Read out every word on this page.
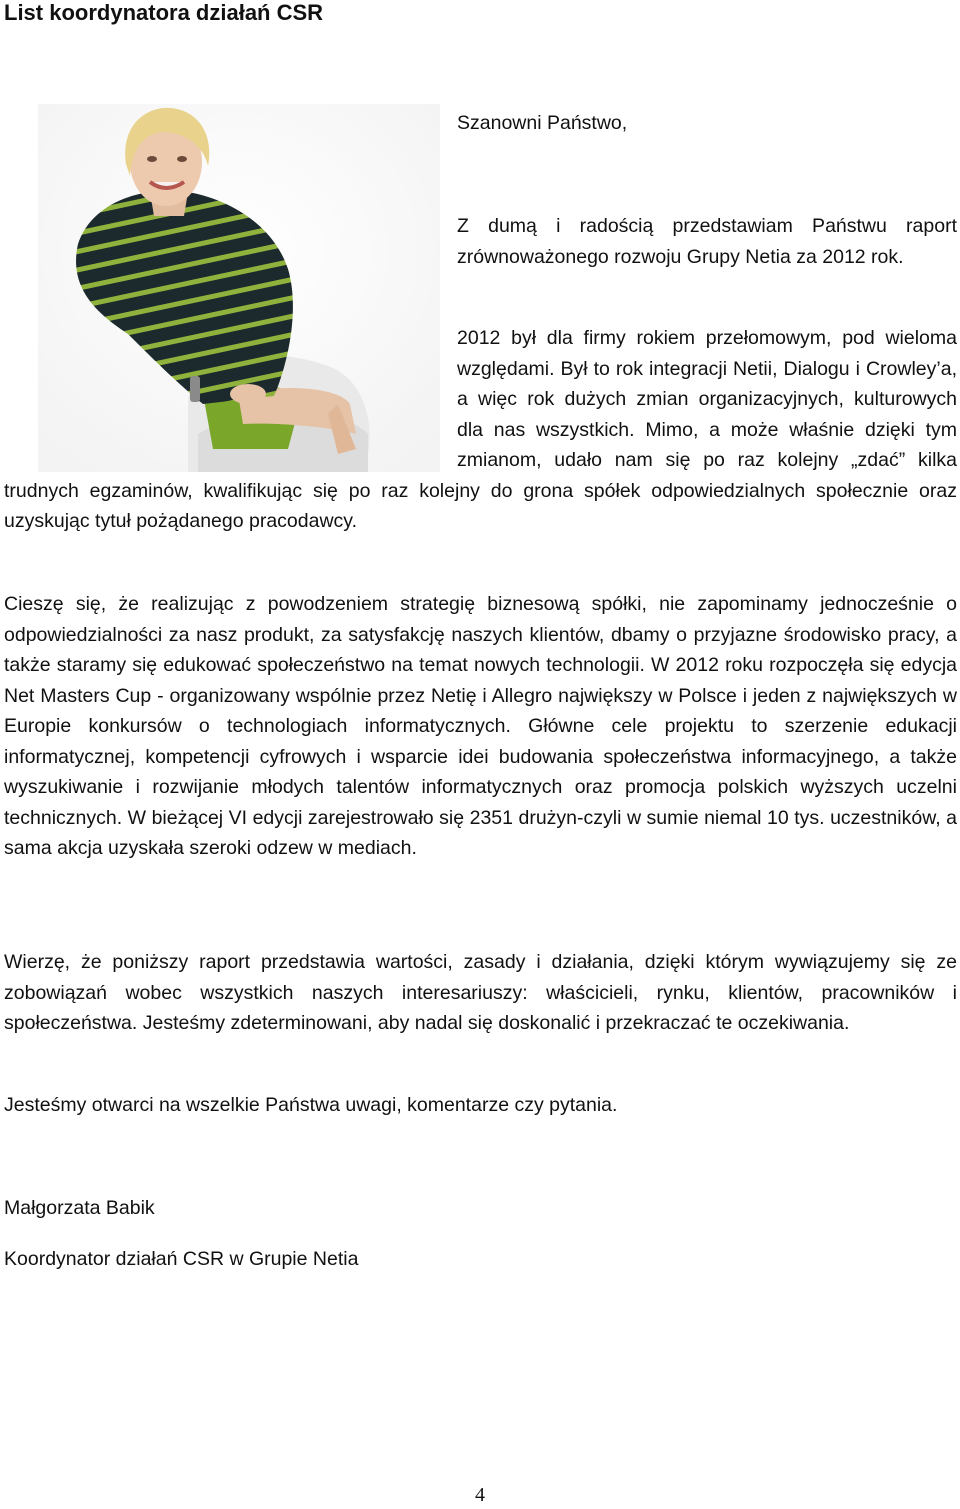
List koordynatora działań CSR

Szanowni Państwo,

Z dumą i radością przedstawiam Państwu raport zrównoważonego rozwoju Grupy Netia za 2012 rok.

2012 był dla firmy rokiem przełomowym, pod wieloma względami. Był to rok integracji Netii, Dialogu i Crowley’a, a więc rok dużych zmian organizacyjnych, kulturowych dla nas wszystkich. Mimo, a może właśnie dzięki tym zmianom, udało nam się po raz kolejny „zdać” kilka trudnych egzaminów, kwalifikując się po raz kolejny do grona spółek odpowiedzialnych społecznie oraz uzyskując tytuł pożądanego pracodawcy.

Cieszę się, że realizując z powodzeniem strategię biznesową spółki, nie zapominamy jednocześnie o odpowiedzialności za nasz produkt, za satysfakcję naszych klientów, dbamy o przyjazne środowisko pracy, a także staramy się edukować społeczeństwo na temat nowych technologii. W 2012 roku rozpoczęła się edycja Net Masters Cup - organizowany wspólnie przez Netię i Allegro największy w Polsce i jeden z największych w Europie konkursów o technologiach informatycznych. Główne cele projektu to szerzenie edukacji informatycznej, kompetencji cyfrowych i wsparcie idei budowania społeczeństwa informacyjnego, a także wyszukiwanie i rozwijanie młodych talentów informatycznych oraz promocja polskich wyższych uczelni technicznych. W bieżącej VI edycji zarejestrowało się 2351 drużyn-czyli w sumie niemal 10 tys. uczestników, a sama akcja uzyskała szeroki odzew w mediach.

Wierzę, że poniższy raport przedstawia wartości, zasady i działania, dzięki którym wywiązujemy się ze zobowiązań wobec wszystkich naszych interesariuszy: właścicieli, rynku, klientów, pracowników i społeczeństwa. Jesteśmy zdeterminowani, aby nadal się doskonalić i przekraczać te oczekiwania.

Jesteśmy otwarci na wszelkie Państwa uwagi, komentarze czy pytania.

Małgorzata Babik

Koordynator działań CSR w Grupie Netia

4
